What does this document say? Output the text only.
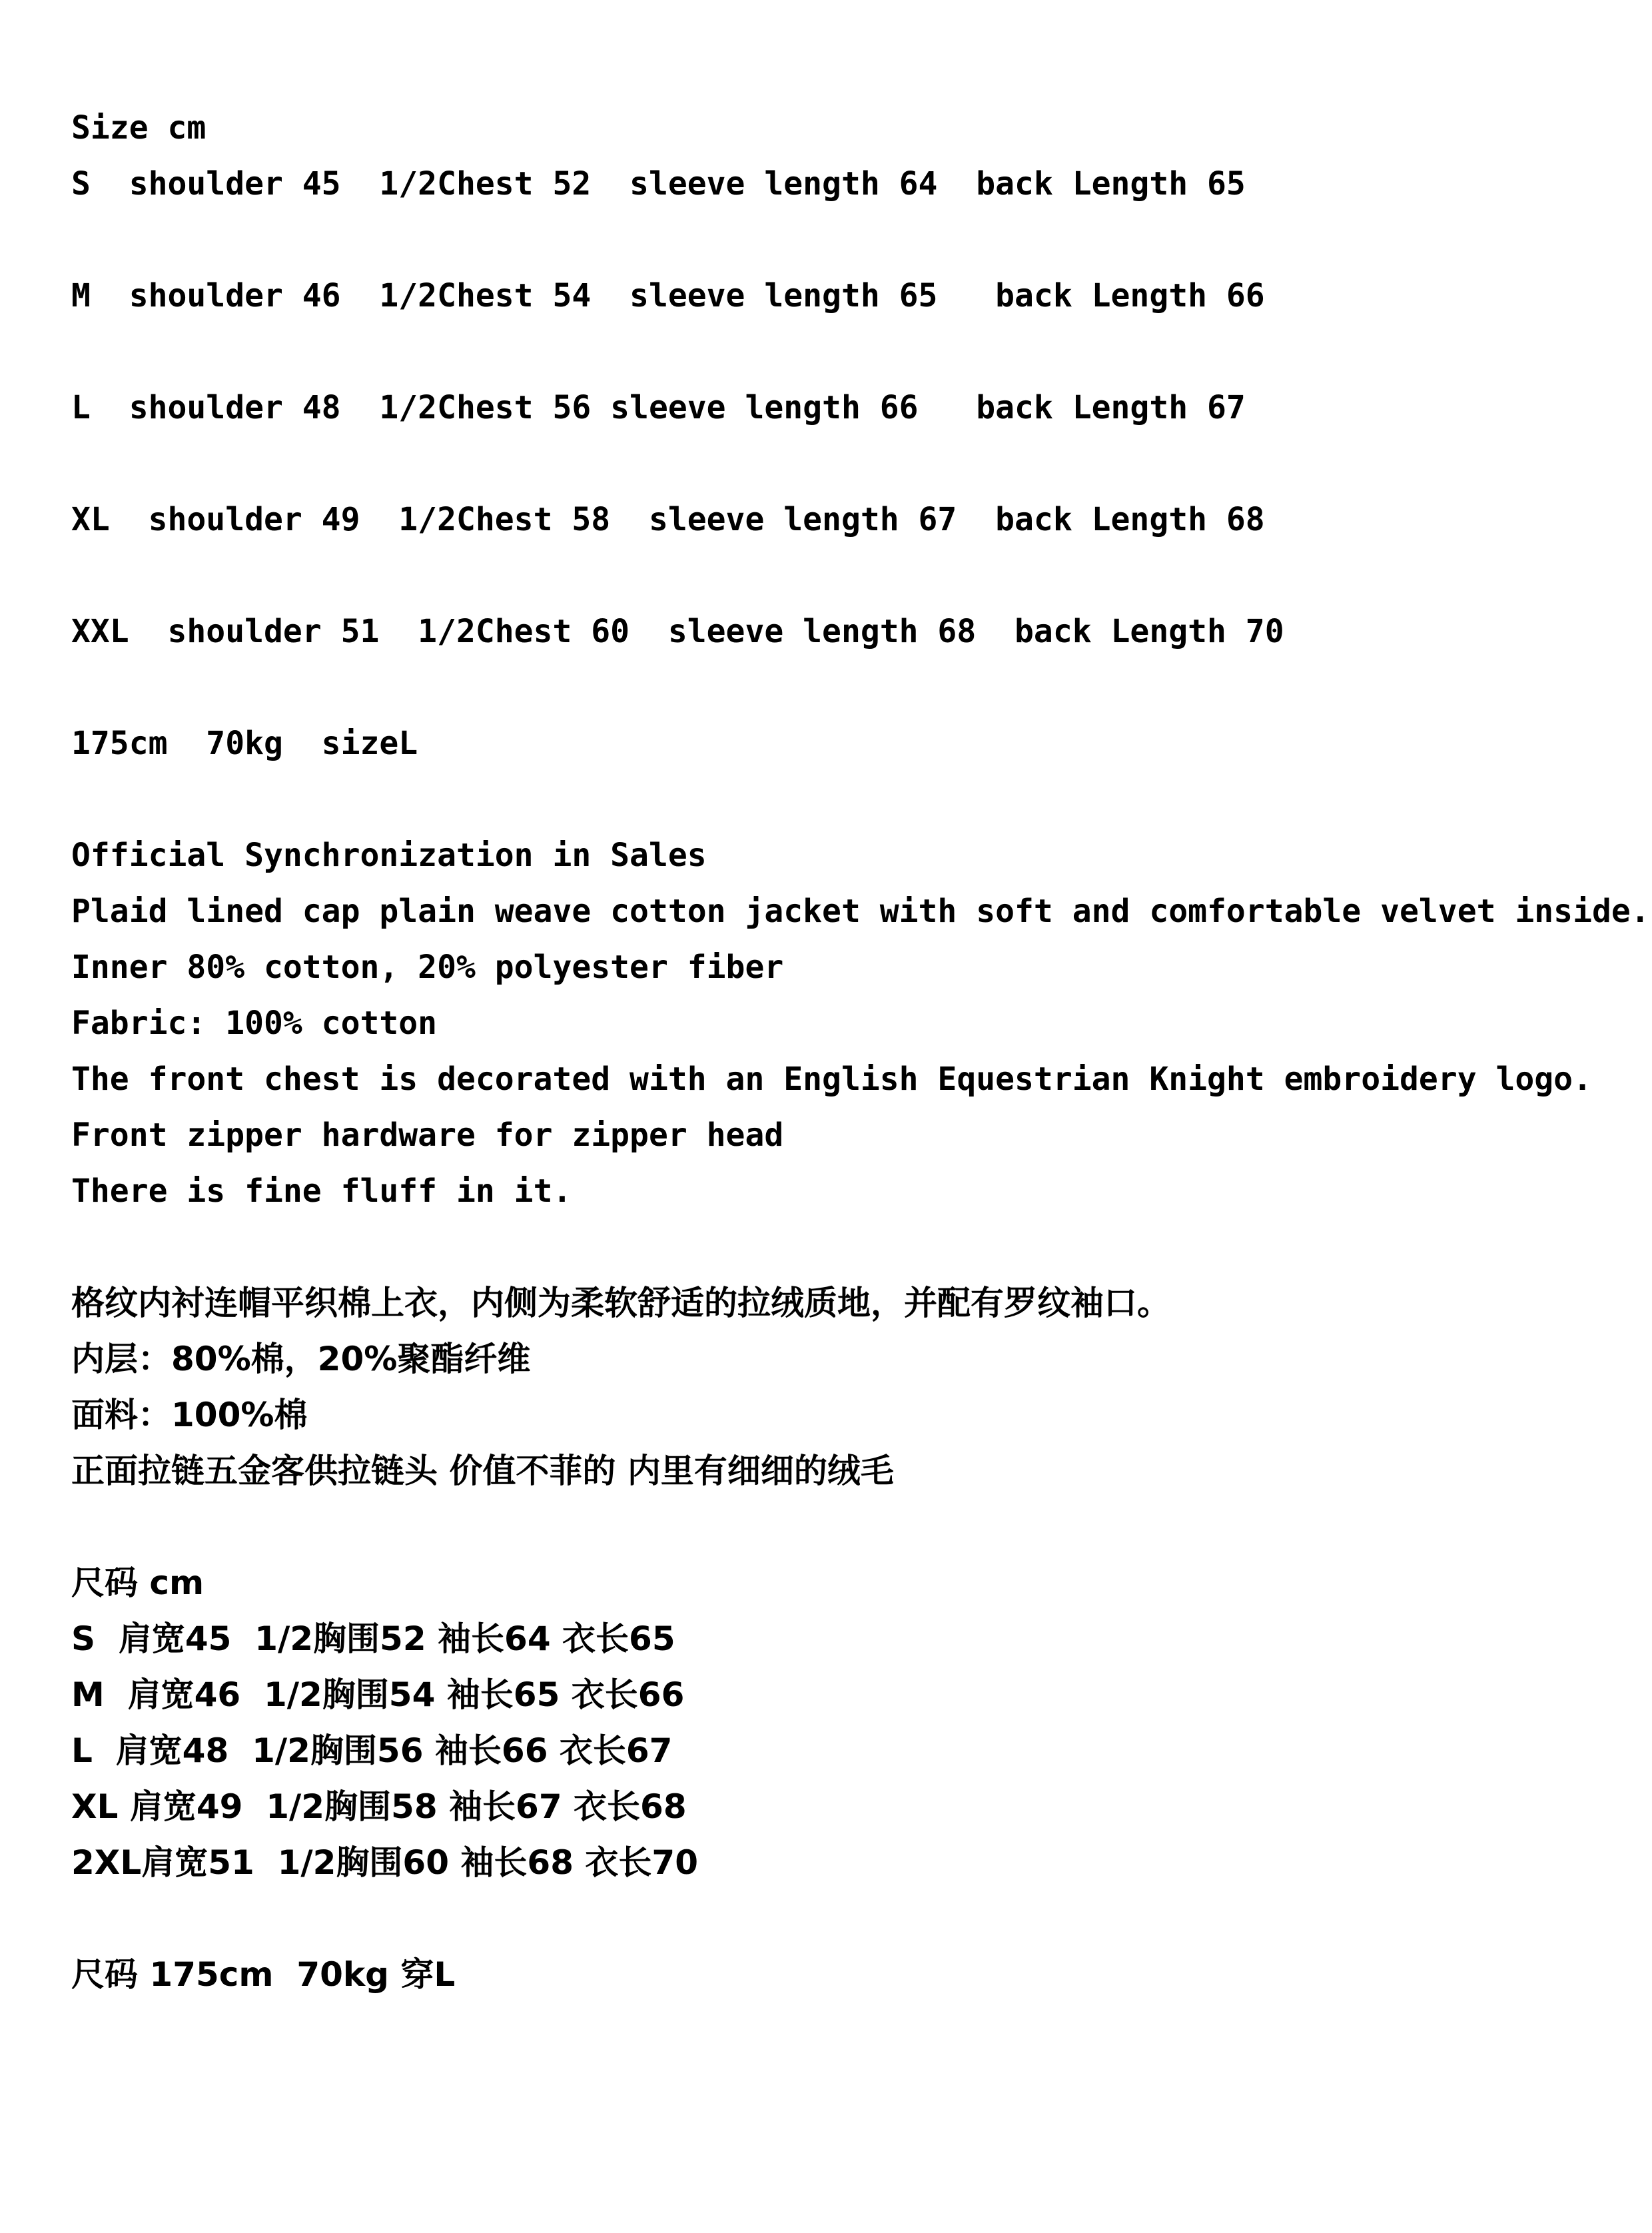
Size cm
S  shoulder 45  1/2Chest 52  sleeve length 64  back Length 65
M  shoulder 46  1/2Chest 54  sleeve length 65   back Length 66
L  shoulder 48  1/2Chest 56 sleeve length 66   back Length 67
XL  shoulder 49  1/2Chest 58  sleeve length 67  back Length 68
XXL  shoulder 51  1/2Chest 60  sleeve length 68  back Length 70
175cm  70kg  sizeL
Official Synchronization in Sales
Plaid lined cap plain weave cotton jacket with soft and comfortable velvet inside.
Inner 80% cotton, 20% polyester fiber
Fabric: 100% cotton
The front chest is decorated with an English Equestrian Knight embroidery logo.
Front zipper hardware for zipper head
There is fine fluff in it.
格纹内衬连帽平织棉上衣，内侧为柔软舒适的拉绒质地，并配有罗纹袖口。
内层：80%棉，20%聚酯纤维
面料：100%棉
正面拉链五金客供拉链头 价值不菲的 内里有细细的绒毛
尺码 cm
S  肩宽45  1/2胸围52 袖长64 衣长65
M  肩宽46  1/2胸围54 袖长65 衣长66
L  肩宽48  1/2胸围56 袖长66 衣长67
XL 肩宽49  1/2胸围58 袖长67 衣长68
2XL肩宽51  1/2胸围60 袖长68 衣长70
尺码 175cm  70kg 穿L
